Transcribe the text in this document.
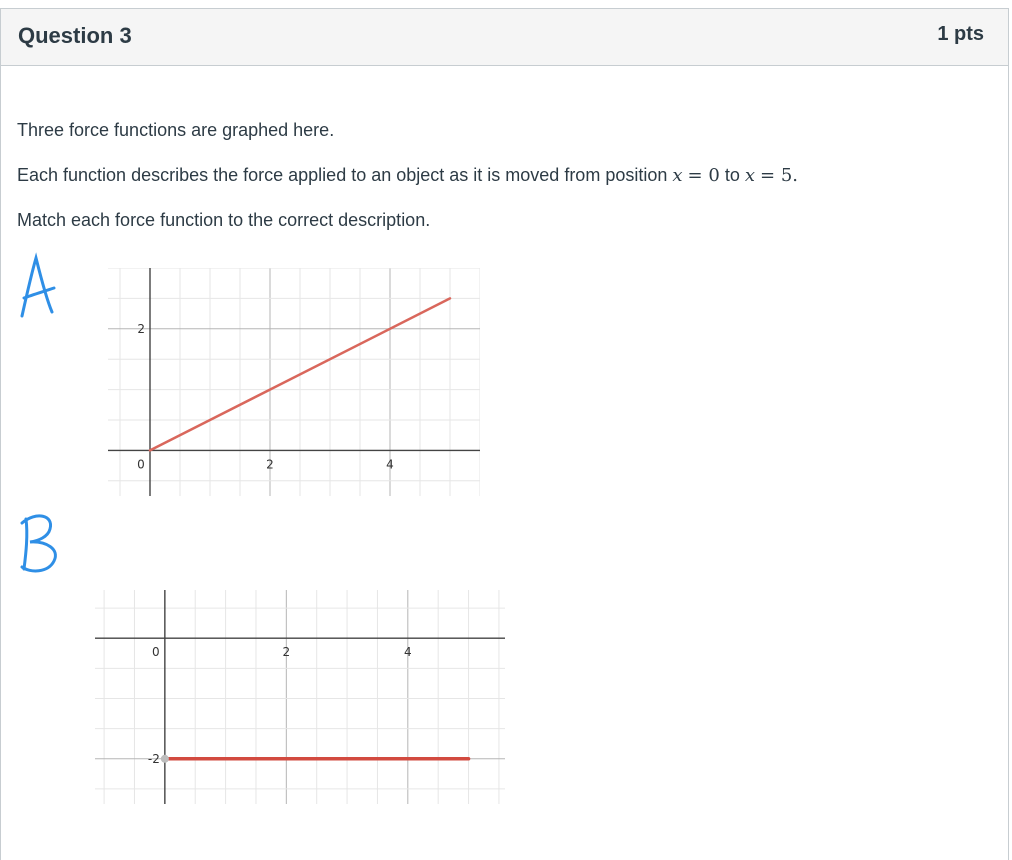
Question 3	1 pts
Three force functions are graphed here.
Each function describes the force applied to an object as it is moved from position x = 0 to x = 5.
Match each force function to the correct description.
0	2	4
2
0	2	4
-2
